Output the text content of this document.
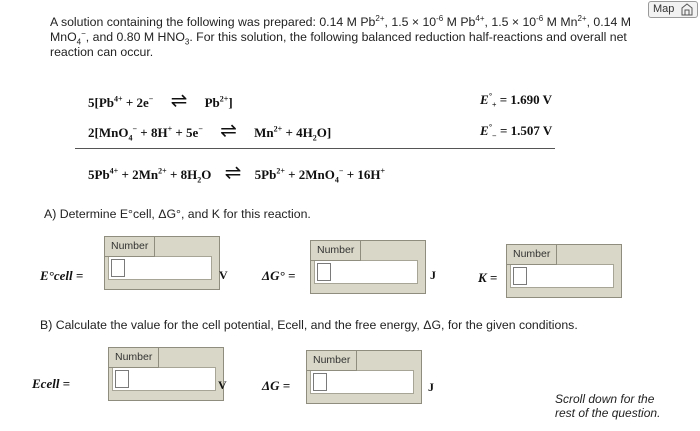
Map
A solution containing the following was prepared: 0.14 M $Pb^{2+}$, $1.5 \times 10^{-6}$ M $Pb^{4+}$, $1.5 \times 10^{-6}$ M $Mn^{2+}$, 0.14 M
MnO$_4$−, and 0.80 M $HNO_3$. For this solution, the following balanced reduction half-reactions and overall net
reaction can occur.
$5[Pb^{4+} + 2e^-$ ⇌ $Pb^{2+}$]	$E^\circ_+ = 1.690$ V
2[MnO$_4$− + 8H+ + 5e− ⇌ $Mn^{2+} + 4H_2O$]	$E^\circ_- = 1.507$ V
$5Pb^{4+} + 2Mn^{2+} + 8H_2O$ ⇌ $5Pb^{2+} + 2MnO_4^- + 16H^+$
A) Determine E°cell, ΔG°, and K for this reaction.
E°cell =
Number
V	ΔG° =
Number
J	K =
Number
B) Calculate the value for the cell potential, Ecell, and the free energy, ΔG, for the given conditions.
Ecell =
Number
V	ΔG =
Number
J
Scroll down for the rest of the question.
